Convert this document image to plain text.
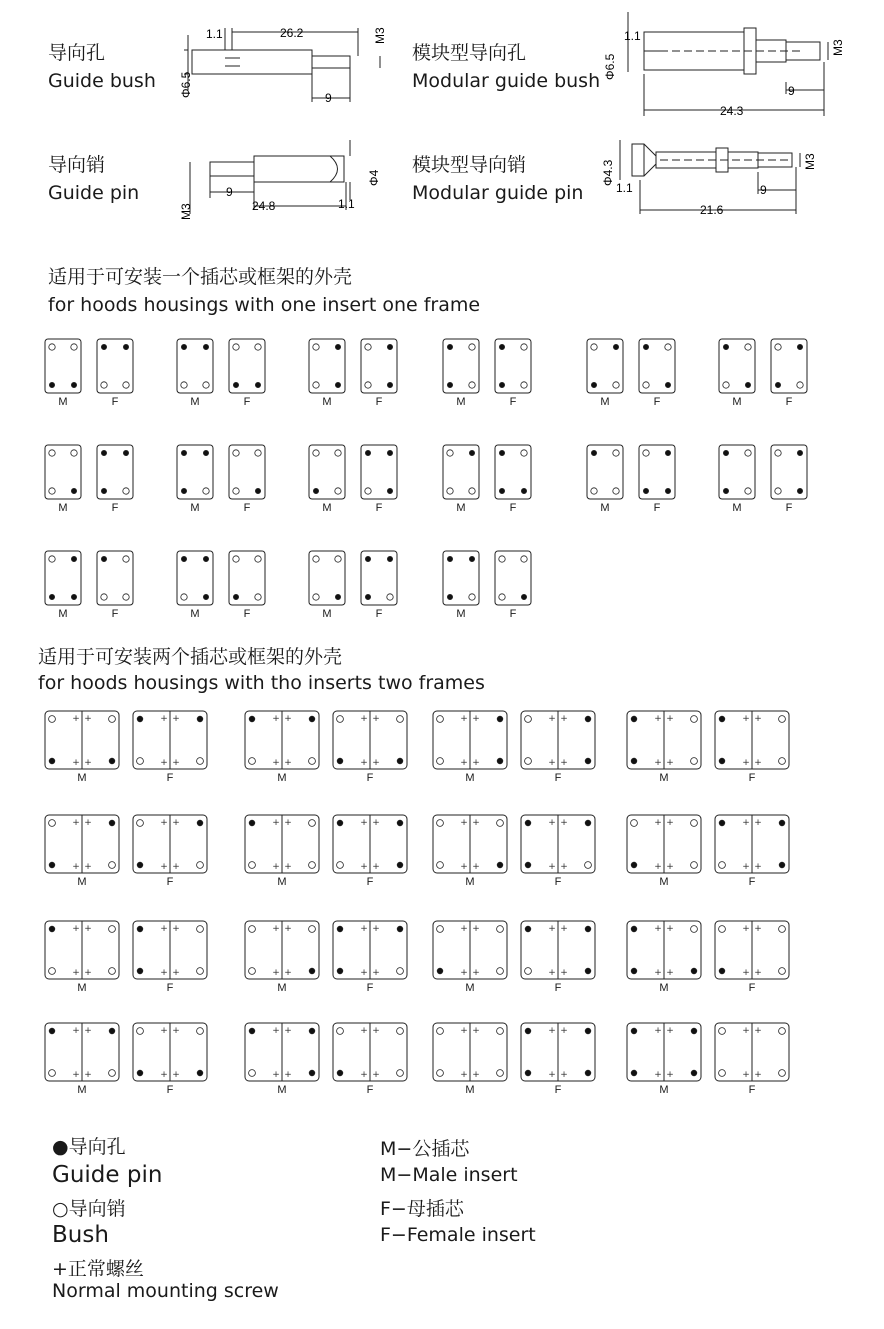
导向孔
Guide bush
1.1	26.2	M3
Φ6.5	9
模块型导向孔
Modular guide bush
Φ6.5
1.1
M3
9
24.3
导向销
Guide pin
M3
9
24.8	1.1
Φ4
模块型导向销
Modular guide pin
Φ4.3
1.1
M3
9
21.6
适用于可安装一个插芯或框架的外壳
for hoods housings with one insert one frame
M	F	M	F	M	F	M	F	M	F	M	F
M	F	M	F	M	F	M	F	M	F	M	F
M	F	M	F	M	F	M	F
适用于可安装两个插芯或框架的外壳
for hoods housings with tho inserts two frames
+ +
+ +
M
+ +
+ +
F
+ +
+ +
M
+ +
+ +
F
+ +
+ +
M
+ +
+ +
F
+ +
+ +
M
+ +
+ +
F
+ +
+ +
M
+ +
+ +
F
+ +
+ +
M
+ +
+ +
F
+ +
+ +
M
+ +
+ +
F
+ +
+ +
M
+ +
+ +
F
+ +
+ +
M
+ +
+ +
F
+ +
+ +
M
+ +
+ +
F
+ +
+ +
M
+ +
+ +
F
+ +
+ +
M
+ +
+ +
F
+ +
+ +
M
+ +
+ +
F
+ +
+ +
M
+ +
+ +
F
+ +
+ +
M
+ +
+ +
F
+ +
+ +
M
+ +
+ +
F
●导向孔
Guide pin
○导向销
Bush
+正常螺丝
Normal mounting screw
M−公插芯
M−Male insert
F−母插芯
F−Female insert
